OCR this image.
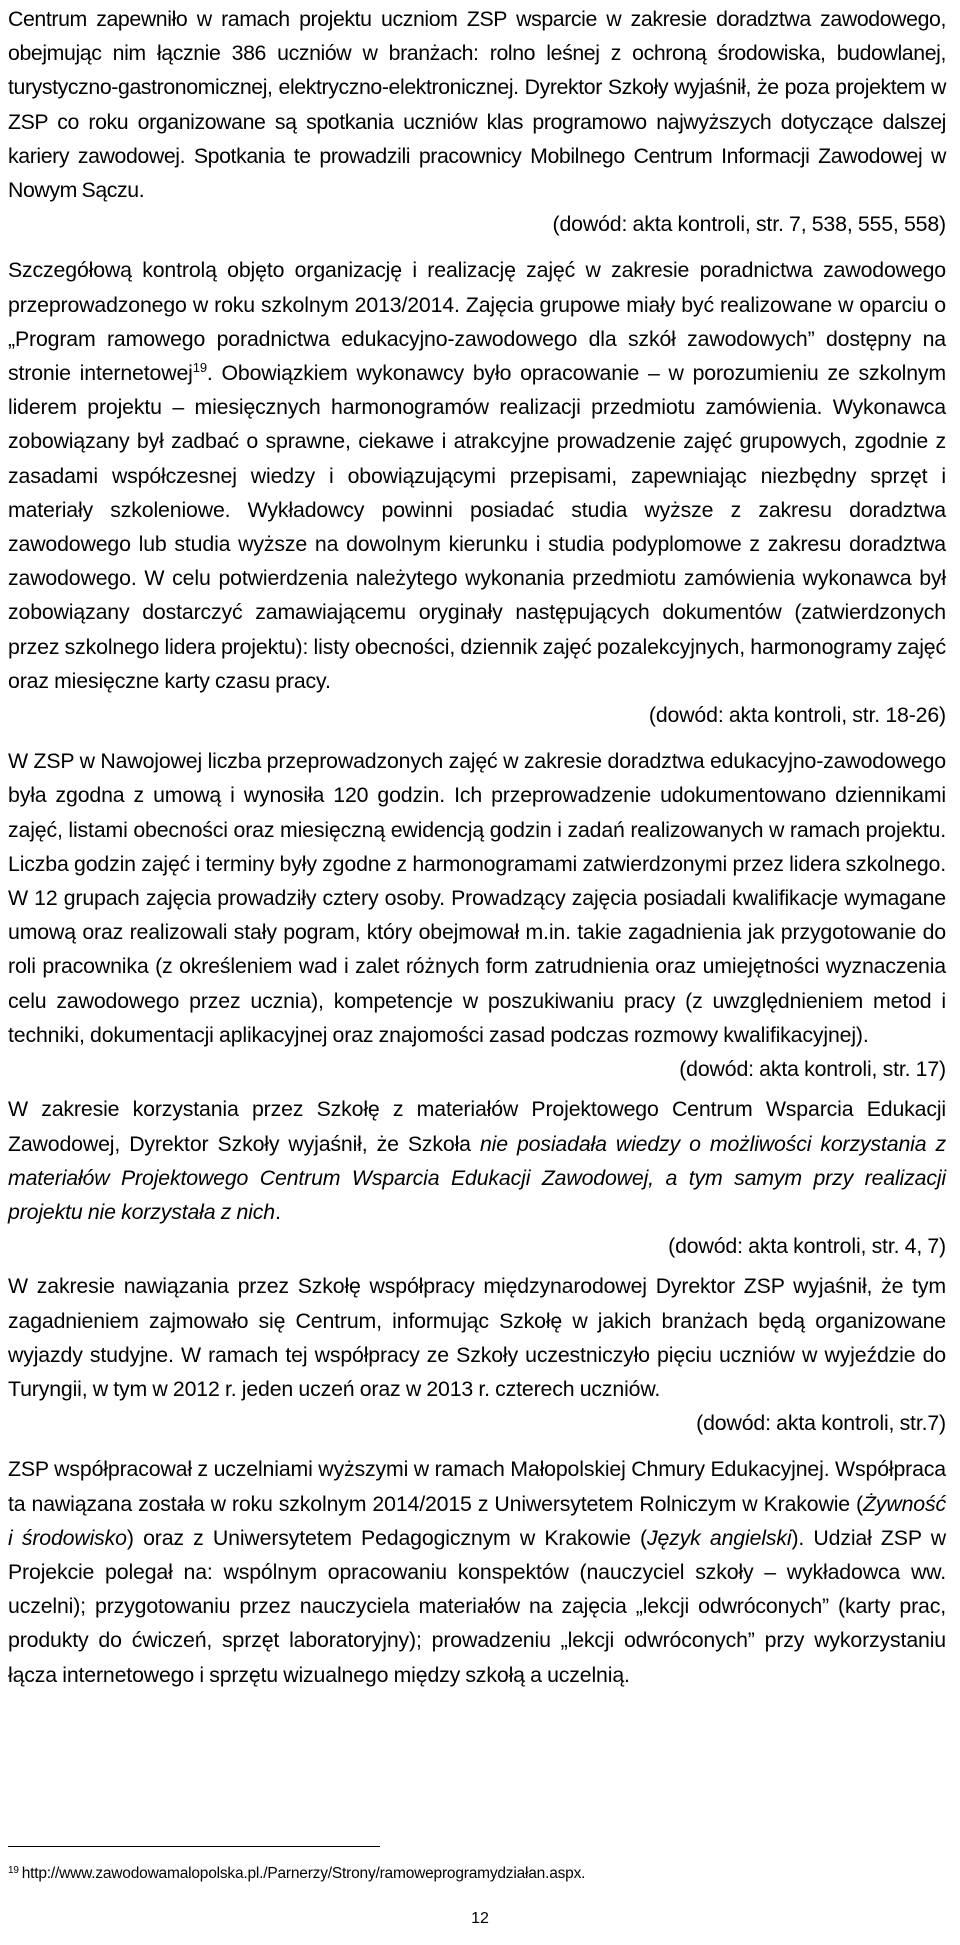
Centrum zapewniło w ramach projektu uczniom ZSP wsparcie w zakresie doradztwa zawodowego, obejmując nim łącznie 386 uczniów w branżach: rolno leśnej z ochroną środowiska, budowlanej, turystyczno-gastronomicznej, elektryczno-elektronicznej. Dyrektor Szkoły wyjaśnił, że poza projektem w ZSP co roku organizowane są spotkania uczniów klas programowo najwyższych dotyczące dalszej kariery zawodowej. Spotkania te prowadzili pracownicy Mobilnego Centrum Informacji Zawodowej w Nowym Sączu.

(dowód: akta kontroli, str. 7, 538, 555, 558)

Szczegółową kontrolą objęto organizację i realizację zajęć w zakresie poradnictwa zawodowego przeprowadzonego w roku szkolnym 2013/2014. Zajęcia grupowe miały być realizowane w oparciu o „Program ramowego poradnictwa edukacyjno-zawodowego dla szkół zawodowych” dostępny na stronie internetowej$^{19}$. Obowiązkiem wykonawcy było opracowanie – w porozumieniu ze szkolnym liderem projektu – miesięcznych harmonogramów realizacji przedmiotu zamówienia. Wykonawca zobowiązany był zadbać o sprawne, ciekawe i atrakcyjne prowadzenie zajęć grupowych, zgodnie z zasadami współczesnej wiedzy i obowiązującymi przepisami, zapewniając niezbędny sprzęt i materiały szkoleniowe. Wykładowcy powinni posiadać studia wyższe z zakresu doradztwa zawodowego lub studia wyższe na dowolnym kierunku i studia podyplomowe z zakresu doradztwa zawodowego. W celu potwierdzenia należytego wykonania przedmiotu zamówienia wykonawca był zobowiązany dostarczyć zamawiającemu oryginały następujących dokumentów (zatwierdzonych przez szkolnego lidera projektu): listy obecności, dziennik zajęć pozalekcyjnych, harmonogramy zajęć oraz miesięczne karty czasu pracy.

(dowód: akta kontroli, str. 18-26)

W ZSP w Nawojowej liczba przeprowadzonych zajęć w zakresie doradztwa edukacyjno-zawodowego była zgodna z umową i wynosiła 120 godzin. Ich przeprowadzenie udokumentowano dziennikami zajęć, listami obecności oraz miesięczną ewidencją godzin i zadań realizowanych w ramach projektu. Liczba godzin zajęć i terminy były zgodne z harmonogramami zatwierdzonymi przez lidera szkolnego. W 12 grupach zajęcia prowadziły cztery osoby. Prowadzący zajęcia posiadali kwalifikacje wymagane umową oraz realizowali stały pogram, który obejmował m.in. takie zagadnienia jak przygotowanie do roli pracownika (z określeniem wad i zalet różnych form zatrudnienia oraz umiejętności wyznaczenia celu zawodowego przez ucznia), kompetencje w poszukiwaniu pracy (z uwzględnieniem metod i techniki, dokumentacji aplikacyjnej oraz znajomości zasad podczas rozmowy kwalifikacyjnej).

(dowód: akta kontroli, str. 17)

W zakresie korzystania przez Szkołę z materiałów Projektowego Centrum Wsparcia Edukacji Zawodowej, Dyrektor Szkoły wyjaśnił, że Szkoła nie posiadała wiedzy o możliwości korzystania z materiałów Projektowego Centrum Wsparcia Edukacji Zawodowej, a tym samym przy realizacji projektu nie korzystała z nich.

(dowód: akta kontroli, str. 4, 7)

W zakresie nawiązania przez Szkołę współpracy międzynarodowej Dyrektor ZSP wyjaśnił, że tym zagadnieniem zajmowało się Centrum, informując Szkołę w jakich branżach będą organizowane wyjazdy studyjne. W ramach tej współpracy ze Szkoły uczestniczyło pięciu uczniów w wyjeździe do Turyngii, w tym w 2012 r. jeden uczeń oraz w 2013 r. czterech uczniów.

(dowód: akta kontroli, str.7)

ZSP współpracował z uczelniami wyższymi w ramach Małopolskiej Chmury Edukacyjnej. Współpraca ta nawiązana została w roku szkolnym 2014/2015 z Uniwersytetem Rolniczym w Krakowie (Żywność i środowisko) oraz z Uniwersytetem Pedagogicznym w Krakowie (Język angielski). Udział ZSP w Projekcie polegał na: wspólnym opracowaniu konspektów (nauczyciel szkoły – wykładowca ww. uczelni); przygotowaniu przez nauczyciela materiałów na zajęcia „lekcji odwróconych” (karty prac, produkty do ćwiczeń, sprzęt laboratoryjny); prowadzeniu „lekcji odwróconych” przy wykorzystaniu łącza internetowego i sprzętu wizualnego między szkołą a uczelnią.

$^{19}$ http://www.zawodowamalopolska.pl./Parnerzy/Strony/ramoweprogramydziałan.aspx.
12
